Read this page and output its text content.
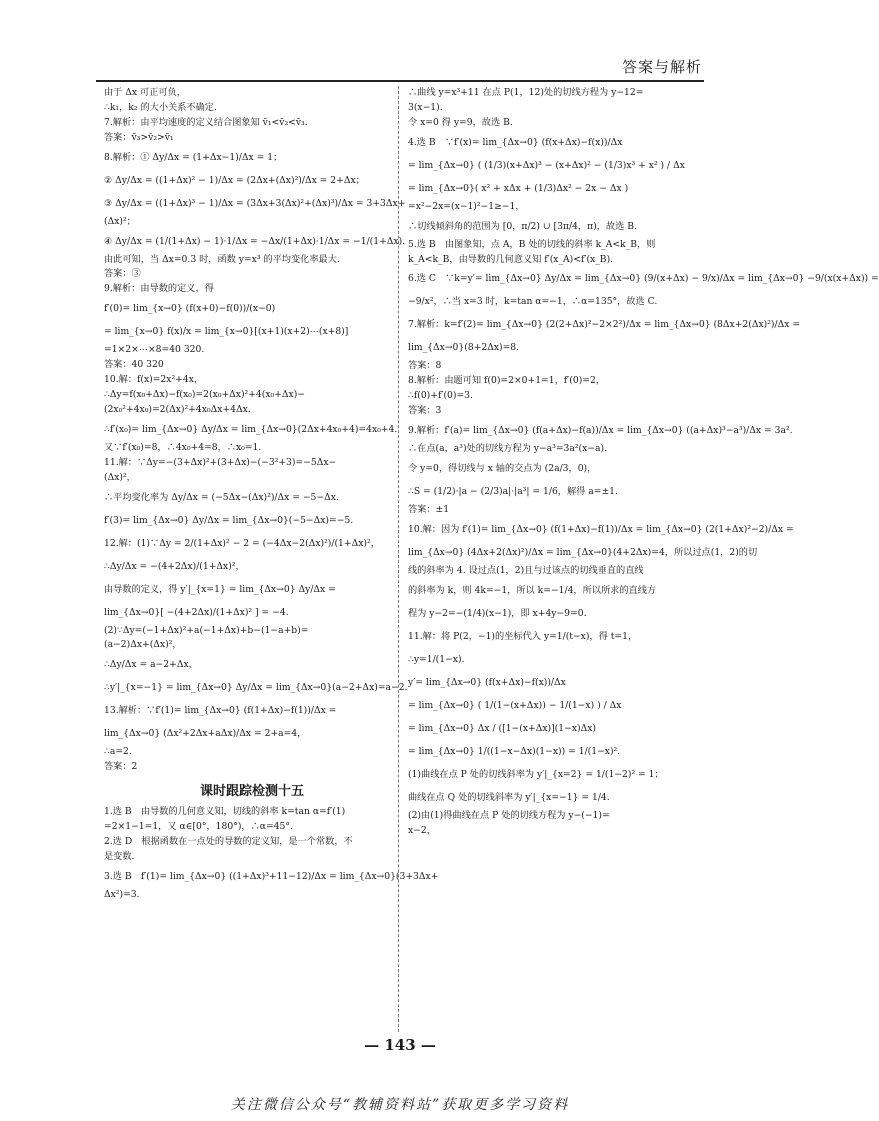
答案与解析
由于 Δx 可正可负，
∴k₁，k₂ 的大小关系不确定.
7.解析：由平均速度的定义结合图象知 v̄₁<v̄₂<v̄₃.
答案：v̄₃>v̄₂>v̄₁
8.解析：① Δy/Δx = (1+Δx−1)/Δx = 1；
② Δy/Δx = ((1+Δx)² − 1)/Δx = (2Δx+(Δx)²)/Δx = 2+Δx；
③ Δy/Δx = ((1+Δx)³ − 1)/Δx = (3Δx+3(Δx)²+(Δx)³)/Δx = 3+3Δx+
(Δx)²；
④ Δy/Δx = (1/(1+Δx) − 1)·1/Δx = −Δx/(1+Δx)·1/Δx = −1/(1+Δx).
由此可知，当 Δx=0.3 时，函数 y=x³ 的平均变化率最大.
答案：③
9.解析：由导数的定义，得
f′(0)= lim_{x→0} (f(x+0)−f(0))/(x−0)
= lim_{x→0} f(x)/x = lim_{x→0}[(x+1)(x+2)⋯(x+8)]
=1×2×⋯×8=40 320.
答案：40 320
10.解：f(x)=2x²+4x，
∴Δy=f(x₀+Δx)−f(x₀)=2(x₀+Δx)²+4(x₀+Δx)−
(2x₀²+4x₀)=2(Δx)²+4x₀Δx+4Δx.
∴f′(x₀)= lim_{Δx→0} Δy/Δx = lim_{Δx→0}(2Δx+4x₀+4)=4x₀+4.
又∵f′(x₀)=8，∴4x₀+4=8，∴x₀=1.
11.解：∵Δy=−(3+Δx)²+(3+Δx)−(−3²+3)=−5Δx−
(Δx)²，
∴平均变化率为 Δy/Δx = (−5Δx−(Δx)²)/Δx = −5−Δx.
f′(3)= lim_{Δx→0} Δy/Δx = lim_{Δx→0}(−5−Δx)=−5.
12.解：(1)∵Δy = 2/(1+Δx)² − 2 = (−4Δx−2(Δx)²)/(1+Δx)²，
∴Δy/Δx = −(4+2Δx)/(1+Δx)²，
由导数的定义，得 y′|_{x=1} = lim_{Δx→0} Δy/Δx =
lim_{Δx→0}[ −(4+2Δx)/(1+Δx)² ] = −4.
(2)∵Δy=(−1+Δx)²+a(−1+Δx)+b−(1−a+b)=
(a−2)Δx+(Δx)²，
∴Δy/Δx = a−2+Δx，
∴y′|_{x=−1} = lim_{Δx→0} Δy/Δx = lim_{Δx→0}(a−2+Δx)=a−2.
13.解析：∵f′(1)= lim_{Δx→0} (f(1+Δx)−f(1))/Δx =
lim_{Δx→0} (Δx²+2Δx+aΔx)/Δx = 2+a=4，
∴a=2.
答案：2
课时跟踪检测十五
1.选 B　由导数的几何意义知，切线的斜率 k=tan α=f′(1)
=2×1−1=1，又 α∈[0°，180°)，∴α=45°.
2.选 D　根据函数在一点处的导数的定义知，是一个常数，不
是变数.
3.选 B　f′(1)= lim_{Δx→0} ((1+Δx)³+11−12)/Δx = lim_{Δx→0}(3+3Δx+
Δx²)=3.
∴曲线 y=x³+11 在点 P(1，12)处的切线方程为 y−12=
3(x−1).
令 x=0 得 y=9，故选 B.
4.选 B　∵f′(x)= lim_{Δx→0} (f(x+Δx)−f(x))/Δx
= lim_{Δx→0} ( (1/3)(x+Δx)³ − (x+Δx)² − (1/3)x³ + x² ) / Δx
= lim_{Δx→0}( x² + xΔx + (1/3)Δx² − 2x − Δx )
=x²−2x=(x−1)²−1≥−1，
∴切线倾斜角的范围为 [0，π/2) ∪ [3π/4，π)，故选 B.
5.选 B　由图象知，点 A，B 处的切线的斜率 k_A<k_B，则
k_A<k_B，由导数的几何意义知 f′(x_A)<f′(x_B).
6.选 C　∵k=y′= lim_{Δx→0} Δy/Δx = lim_{Δx→0} (9/(x+Δx) − 9/x)/Δx = lim_{Δx→0} −9/(x(x+Δx)) =
−9/x²，∴当 x=3 时，k=tan α=−1，∴α=135°，故选 C.
7.解析：k=f′(2)= lim_{Δx→0} (2(2+Δx)²−2×2²)/Δx = lim_{Δx→0} (8Δx+2(Δx)²)/Δx =
lim_{Δx→0}(8+2Δx)=8.
答案：8
8.解析：由题可知 f(0)=2×0+1=1，f′(0)=2，
∴f(0)+f′(0)=3.
答案：3
9.解析：f′(a)= lim_{Δx→0} (f(a+Δx)−f(a))/Δx = lim_{Δx→0} ((a+Δx)³−a³)/Δx = 3a².
∴在点(a，a³)处的切线方程为 y−a³=3a²(x−a).
令 y=0，得切线与 x 轴的交点为 (2a/3，0)，
∴S = (1/2)·|a − (2/3)a|·|a³| = 1/6，解得 a=±1.
答案：±1
10.解：因为 f′(1)= lim_{Δx→0} (f(1+Δx)−f(1))/Δx = lim_{Δx→0} (2(1+Δx)²−2)/Δx =
lim_{Δx→0} (4Δx+2(Δx)²)/Δx = lim_{Δx→0}(4+2Δx)=4，所以过点(1，2)的切
线的斜率为 4. 设过点(1，2)且与过该点的切线垂直的直线
的斜率为 k，则 4k=−1，所以 k=−1/4，所以所求的直线方
程为 y−2=−(1/4)(x−1)，即 x+4y−9=0.
11.解：将 P(2，−1)的坐标代入 y=1/(t−x)，得 t=1，
∴y=1/(1−x).
y′= lim_{Δx→0} (f(x+Δx)−f(x))/Δx
= lim_{Δx→0} ( 1/(1−(x+Δx)) − 1/(1−x) ) / Δx
= lim_{Δx→0} Δx / ([1−(x+Δx)](1−x)Δx)
= lim_{Δx→0} 1/((1−x−Δx)(1−x)) = 1/(1−x)².
(1)曲线在点 P 处的切线斜率为 y′|_{x=2} = 1/(1−2)² = 1；
曲线在点 Q 处的切线斜率为 y′|_{x=−1} = 1/4.
(2)由(1)得曲线在点 P 处的切线方程为 y−(−1)=
x−2，
— 143 —
关注微信公众号“教辅资料站”获取更多学习资料
